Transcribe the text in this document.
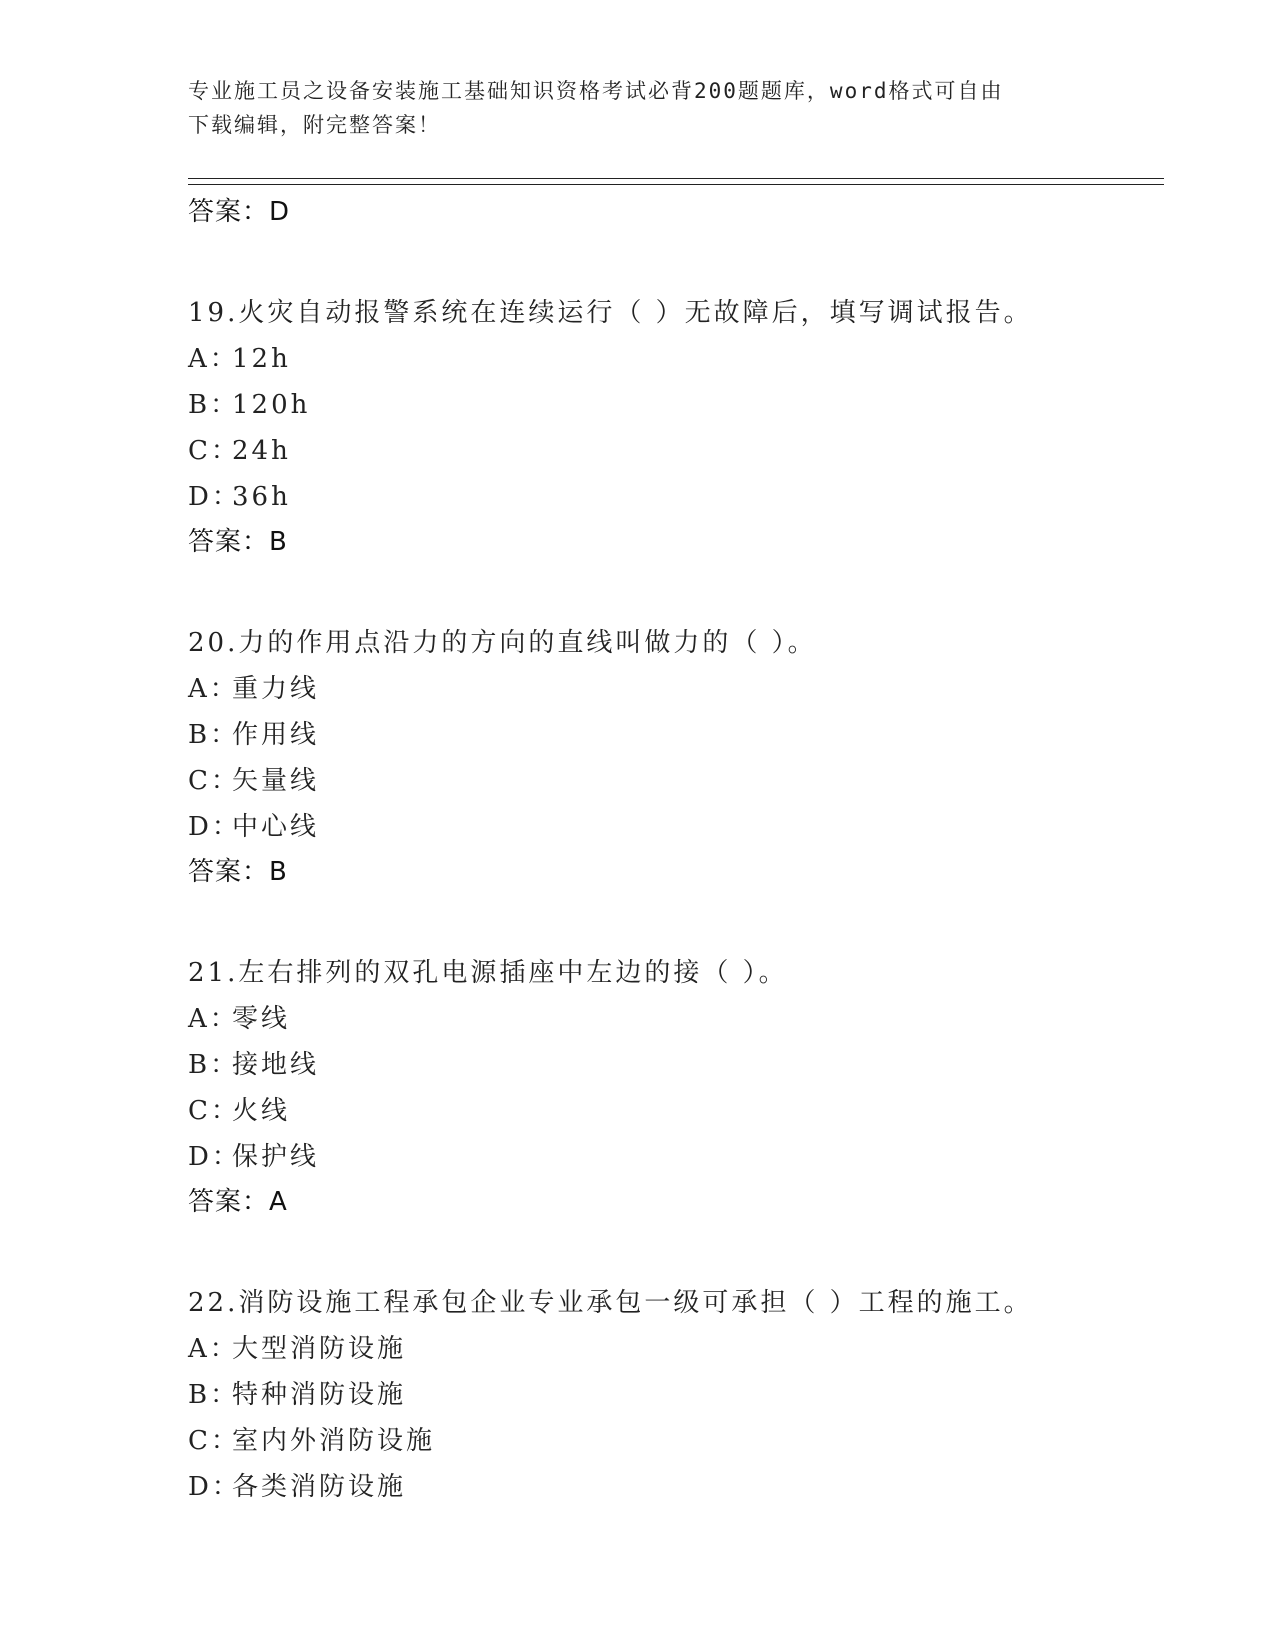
专业施工员之设备安装施工基础知识资格考试必背200题题库，word格式可自由
下载编辑，附完整答案！
答案：D
19.火灾自动报警系统在连续运行（ ）无故障后，填写调试报告。
A：12h
B：120h
C：24h
D：36h
答案：B
20.力的作用点沿力的方向的直线叫做力的（ ）。
A：重力线
B：作用线
C：矢量线
D：中心线
答案：B
21.左右排列的双孔电源插座中左边的接（ ）。
A：零线
B：接地线
C：火线
D：保护线
答案：A
22.消防设施工程承包企业专业承包一级可承担（ ）工程的施工。
A：大型消防设施
B：特种消防设施
C：室内外消防设施
D：各类消防设施
